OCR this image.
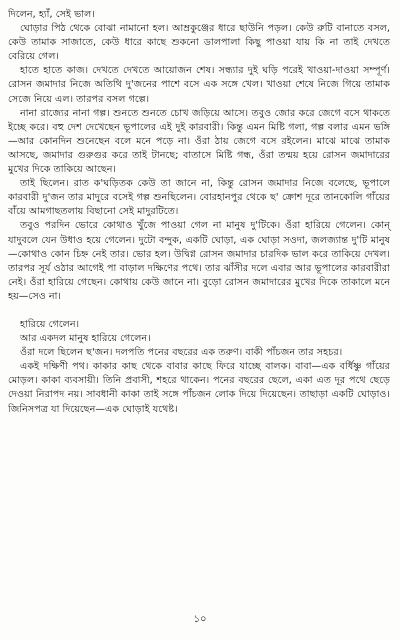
দিলেন, হ্যাঁ, সেই ভাল।

ঘোড়ার পিঠ থেকে বোঝা নামানো হল। আম্রকুঞ্জের ধারে ছাউনি পড়ল। কেউ রুটি বানাতে বসল, কেউ তামাক সাজাতে, কেউ ধারে কাছে শুকনো ডালপালা কিছু পাওয়া যায় কি না তাই দেখতে বেরিয়ে গেল।

হাতে হাতে কাজ। দেখতে দেখতে আয়োজন শেষ। সন্ধ্যার দুই ঘড়ি পরেই খাওয়া-দাওয়া সম্পূর্ণ। রোসন জমাদার নিজে অতিথি দু'জনের পাশে বসে এক সঙ্গে খেল। খাওয়া শেষে নিজে গিয়ে তামাক সেজে নিয়ে এল। তারপর বসল গল্পে।

নানা রাজ্যের নানা গল্প। শুনতে শুনতে চোখ জড়িয়ে আসে। তবুও জোর করে জেগে বসে থাকতে ইচ্ছে করে। বহু দেশ দেখেছেন ভূপালের এই দুই কারবারী। কিন্তু এমন মিষ্টি গলা, গল্প বলার এমন ভঙ্গি—আর কোনদিন শুনেছেন বলে মনে পড়ে না। ওঁরা ঠায় জেগে বসে রইলেন। মাঝে মাঝে তামাক আসছে, জমাদার গুরুগুর করে তাই টানছে; বাতাসে মিষ্টি গন্ধ, ওঁরা তন্ময় হয়ে রোসন জমাদারের মুখের দিকে তাকিয়ে আছেন।

তাই ছিলেন। রাত ক'ঘড়িতক কেউ তা জানে না, কিন্তু রোসন জমাদার নিজে বলেছে, ভূপালে কারবারী দু'জন তার মাদুরে বসেই গল্প শুনছিলেন। বোরহানপুর থেকে ছ' ক্রোশ দূরে তানকোলি গাঁয়ের বাঁয়ে আমগাছতলায় বিছানো সেই মাদুরটিতে।

তবুও পরদিন ভোরে কোথাও খুঁজে পাওয়া গেল না মানুষ দু'টিকে। ওঁরা হারিয়ে গেলেন। কোন্ যাদুবলে যেন উধাও হয়ে গেলেন। দুটো বন্দুক, একটি ঘোড়া, এক ঘোড়া সওদা, জলজ্যান্ত দু'টি মানুষ—কোথাও কোন চিহ্ন নেই তার। ভোর হল। উদ্বিগ্ন রোসন জমাদার চারদিক ভাল করে তাকিয়ে দেখল। তারপর সূর্য ওঠার আগেই পা বাড়াল দক্ষিণের পথে। তার ঝাঁসীর দলে এবার আর ভূপালের কারবারীরা নেই। ওঁরা হারিয়ে গেছেন। কোথায় কেউ জানে না। বুড়ো রোসন জমাদারের মুখের দিকে তাকালে মনে হয়—সেও না।

হারিয়ে গেলেন।

আর একদল মানুষ হারিয়ে গেলেন।

ওঁরা দলে ছিলেন ছ'জন। দলপতি পনের বছরের এক তরুণ। বাকী পাঁচজন তার সহচর।

একই দক্ষিণী পথ। কাকার কাছ থেকে বাবার কাছে ফিরে যাচ্ছে বালক। বাবা—এক বর্ধিষ্ণু গাঁয়ের মোড়ল। কাকা ব্যবসায়ী। তিনি প্রবাসী, শহরে থাকেন। পনের বছরের ছেলে, একা এত দূর পথে ছেড়ে দেওয়া নিরাপদ নয়। সাবধানী কাকা তাই সঙ্গে পাঁচজন লোক দিয়ে দিয়েছেন। তাছাড়া একটি ঘোড়াও। জিনিসপত্র যা দিয়েছেন—এক ঘোড়াই যথেষ্ট।

১০
